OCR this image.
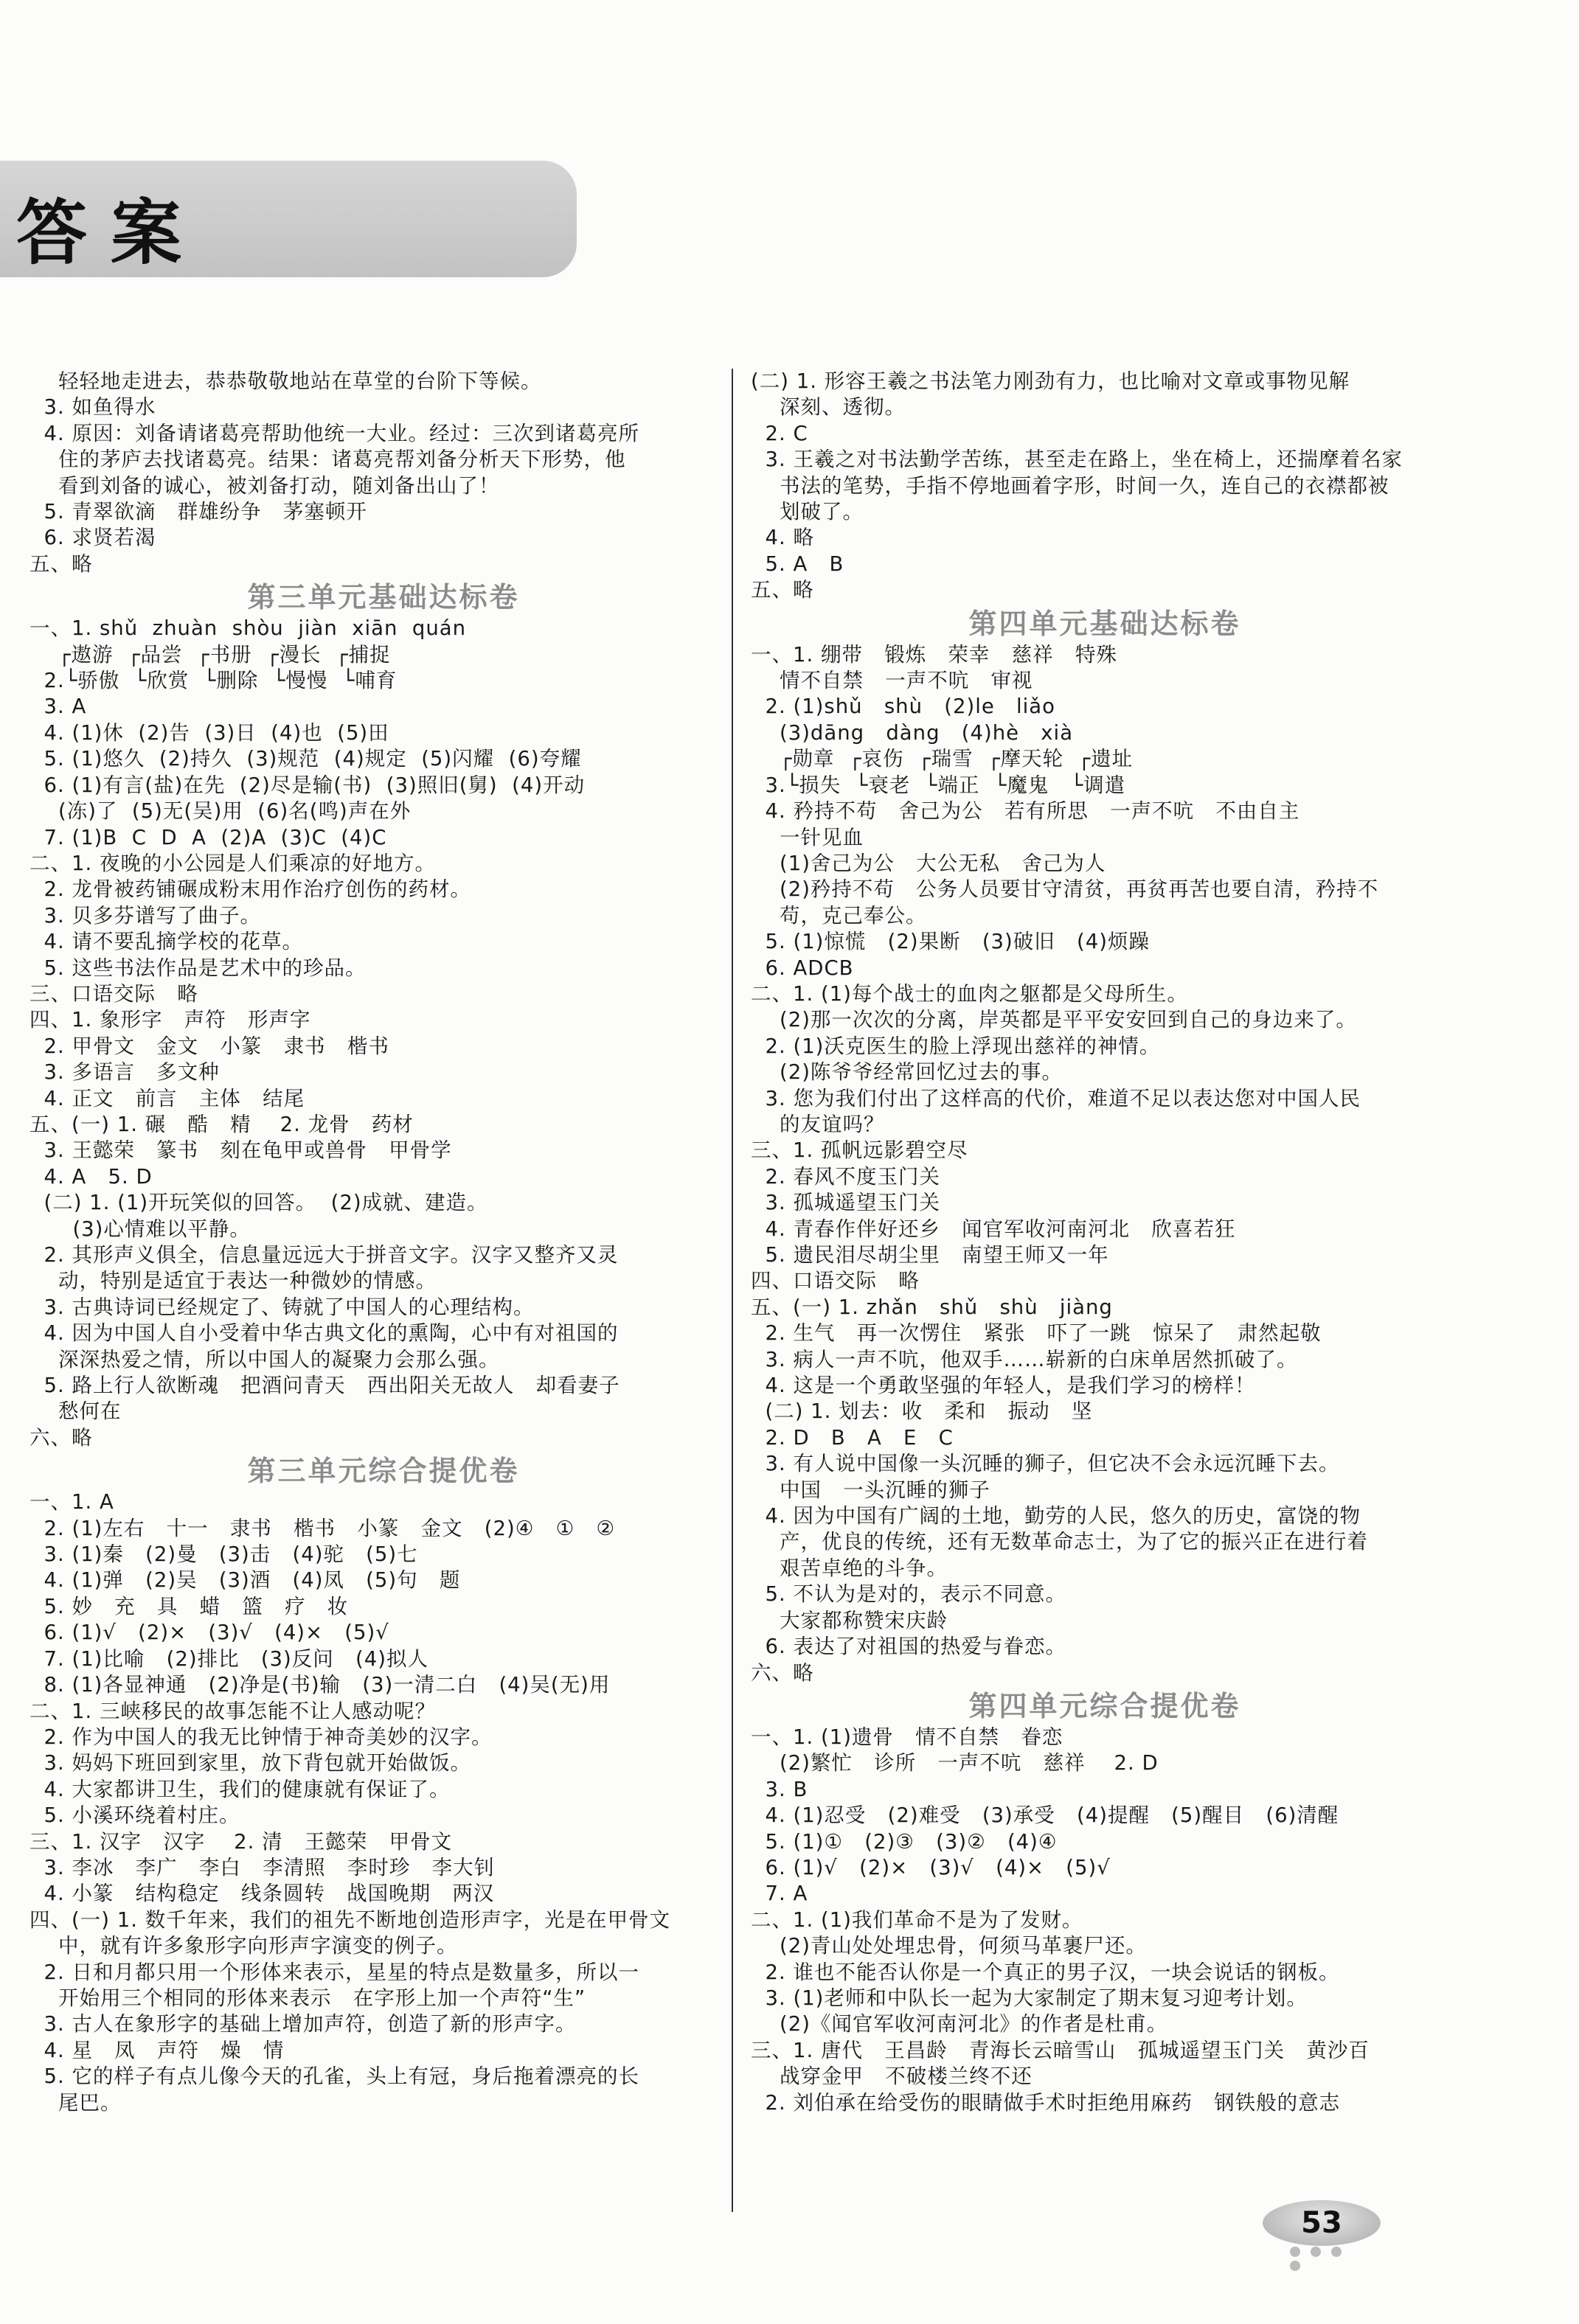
答案
轻轻地走进去，恭恭敬敬地站在草堂的台阶下等候。
3. 如鱼得水
4. 原因：刘备请诸葛亮帮助他统一大业。经过：三次到诸葛亮所
住的茅庐去找诸葛亮。结果：诸葛亮帮刘备分析天下形势，他
看到刘备的诚心，被刘备打动，随刘备出山了！
5. 青翠欲滴   群雄纷争   茅塞顿开
6. 求贤若渴
五、略
第三单元基础达标卷
一、1. shǔ  zhuàn  shòu  jiàn  xiān  quán
┌遨游  ┌品尝  ┌书册  ┌漫长  ┌捕捉
2.└骄傲  └欣赏  └删除  └慢慢  └哺育
3. A
4. (1)休  (2)告  (3)日  (4)也  (5)田
5. (1)悠久  (2)持久  (3)规范  (4)规定  (5)闪耀  (6)夸耀
6. (1)有言(盐)在先  (2)尽是输(书)  (3)照旧(舅)  (4)开动
(冻)了  (5)无(吴)用  (6)名(鸣)声在外
7. (1)B  C  D  A  (2)A  (3)C  (4)C
二、1. 夜晚的小公园是人们乘凉的好地方。
2. 龙骨被药铺碾成粉末用作治疗创伤的药材。
3. 贝多芬谱写了曲子。
4. 请不要乱摘学校的花草。
5. 这些书法作品是艺术中的珍品。
三、口语交际   略
四、1. 象形字   声符   形声字
2. 甲骨文   金文   小篆   隶书   楷书
3. 多语言   多文种
4. 正文   前言   主体   结尾
五、(一) 1. 碾   酷   精    2. 龙骨   药材
3. 王懿荣   篆书   刻在龟甲或兽骨   甲骨学
4. A   5. D
(二) 1. (1)开玩笑似的回答。  (2)成就、建造。
(3)心情难以平静。
2. 其形声义俱全，信息量远远大于拼音文字。汉字又整齐又灵
动，特别是适宜于表达一种微妙的情感。
3. 古典诗词已经规定了、铸就了中国人的心理结构。
4. 因为中国人自小受着中华古典文化的熏陶，心中有对祖国的
深深热爱之情，所以中国人的凝聚力会那么强。
5. 路上行人欲断魂   把酒问青天   西出阳关无故人   却看妻子
愁何在
六、略
第三单元综合提优卷
一、1. A
2. (1)左右   十一   隶书   楷书   小篆   金文   (2)④   ①   ②
3. (1)秦   (2)曼   (3)击   (4)驼   (5)七
4. (1)弹   (2)吴   (3)酒   (4)凤   (5)句   题
5. 妙   充   具   蜡   篮   疗   妆
6. (1)√   (2)×   (3)√   (4)×   (5)√
7. (1)比喻   (2)排比   (3)反问   (4)拟人
8. (1)各显神通   (2)净是(书)输   (3)一清二白   (4)吴(无)用
二、1. 三峡移民的故事怎能不让人感动呢？
2. 作为中国人的我无比钟情于神奇美妙的汉字。
3. 妈妈下班回到家里，放下背包就开始做饭。
4. 大家都讲卫生，我们的健康就有保证了。
5. 小溪环绕着村庄。
三、1. 汉字   汉字    2. 清   王懿荣   甲骨文
3. 李冰   李广   李白   李清照   李时珍   李大钊
4. 小篆   结构稳定   线条圆转   战国晚期   两汉
四、(一) 1. 数千年来，我们的祖先不断地创造形声字，光是在甲骨文
中，就有许多象形字向形声字演变的例子。
2. 日和月都只用一个形体来表示，星星的特点是数量多，所以一
开始用三个相同的形体来表示   在字形上加一个声符“生”
3. 古人在象形字的基础上增加声符，创造了新的形声字。
4. 星   凤   声符   燥   情
5. 它的样子有点儿像今天的孔雀，头上有冠，身后拖着漂亮的长
尾巴。
(二) 1. 形容王羲之书法笔力刚劲有力，也比喻对文章或事物见解
深刻、透彻。
2. C
3. 王羲之对书法勤学苦练，甚至走在路上，坐在椅上，还揣摩着名家
书法的笔势，手指不停地画着字形，时间一久，连自己的衣襟都被
划破了。
4. 略
5. A   B
五、略
第四单元基础达标卷
一、1. 绷带   锻炼   荣幸   慈祥   特殊
情不自禁   一声不吭   审视
2. (1)shǔ   shù   (2)le   liǎo
(3)dāng   dàng   (4)hè   xià
┌勋章  ┌哀伤  ┌瑞雪  ┌摩天轮  ┌遗址
3.└损失  └衰老  └端正  └魔鬼   └调遣
4. 矜持不苟   舍己为公   若有所思   一声不吭   不由自主
一针见血
(1)舍己为公   大公无私   舍己为人
(2)矜持不苟   公务人员要甘守清贫，再贫再苦也要自清，矜持不
苟，克己奉公。
5. (1)惊慌   (2)果断   (3)破旧   (4)烦躁
6. ADCB
二、1. (1)每个战士的血肉之躯都是父母所生。
(2)那一次次的分离，岸英都是平平安安回到自己的身边来了。
2. (1)沃克医生的脸上浮现出慈祥的神情。
(2)陈爷爷经常回忆过去的事。
3. 您为我们付出了这样高的代价，难道不足以表达您对中国人民
的友谊吗？
三、1. 孤帆远影碧空尽
2. 春风不度玉门关
3. 孤城遥望玉门关
4. 青春作伴好还乡   闻官军收河南河北   欣喜若狂
5. 遗民泪尽胡尘里   南望王师又一年
四、口语交际   略
五、(一) 1. zhǎn   shǔ   shù   jiàng
2. 生气   再一次愣住   紧张   吓了一跳   惊呆了   肃然起敬
3. 病人一声不吭，他双手……崭新的白床单居然抓破了。
4. 这是一个勇敢坚强的年轻人，是我们学习的榜样！
(二) 1. 划去：收   柔和   振动   坚
2. D   B   A   E   C
3. 有人说中国像一头沉睡的狮子，但它决不会永远沉睡下去。
中国   一头沉睡的狮子
4. 因为中国有广阔的土地，勤劳的人民，悠久的历史，富饶的物
产，优良的传统，还有无数革命志士，为了它的振兴正在进行着
艰苦卓绝的斗争。
5. 不认为是对的，表示不同意。
大家都称赞宋庆龄
6. 表达了对祖国的热爱与眷恋。
六、略
第四单元综合提优卷
一、1. (1)遗骨   情不自禁   眷恋
(2)繁忙   诊所   一声不吭   慈祥    2. D
3. B
4. (1)忍受   (2)难受   (3)承受   (4)提醒   (5)醒目   (6)清醒
5. (1)①   (2)③   (3)②   (4)④
6. (1)√   (2)×   (3)√   (4)×   (5)√
7. A
二、1. (1)我们革命不是为了发财。
(2)青山处处埋忠骨，何须马革裹尸还。
2. 谁也不能否认你是一个真正的男子汉，一块会说话的钢板。
3. (1)老师和中队长一起为大家制定了期末复习迎考计划。
(2)《闻官军收河南河北》的作者是杜甫。
三、1. 唐代   王昌龄   青海长云暗雪山   孤城遥望玉门关   黄沙百
战穿金甲   不破楼兰终不还
2. 刘伯承在给受伤的眼睛做手术时拒绝用麻药   钢铁般的意志
53
